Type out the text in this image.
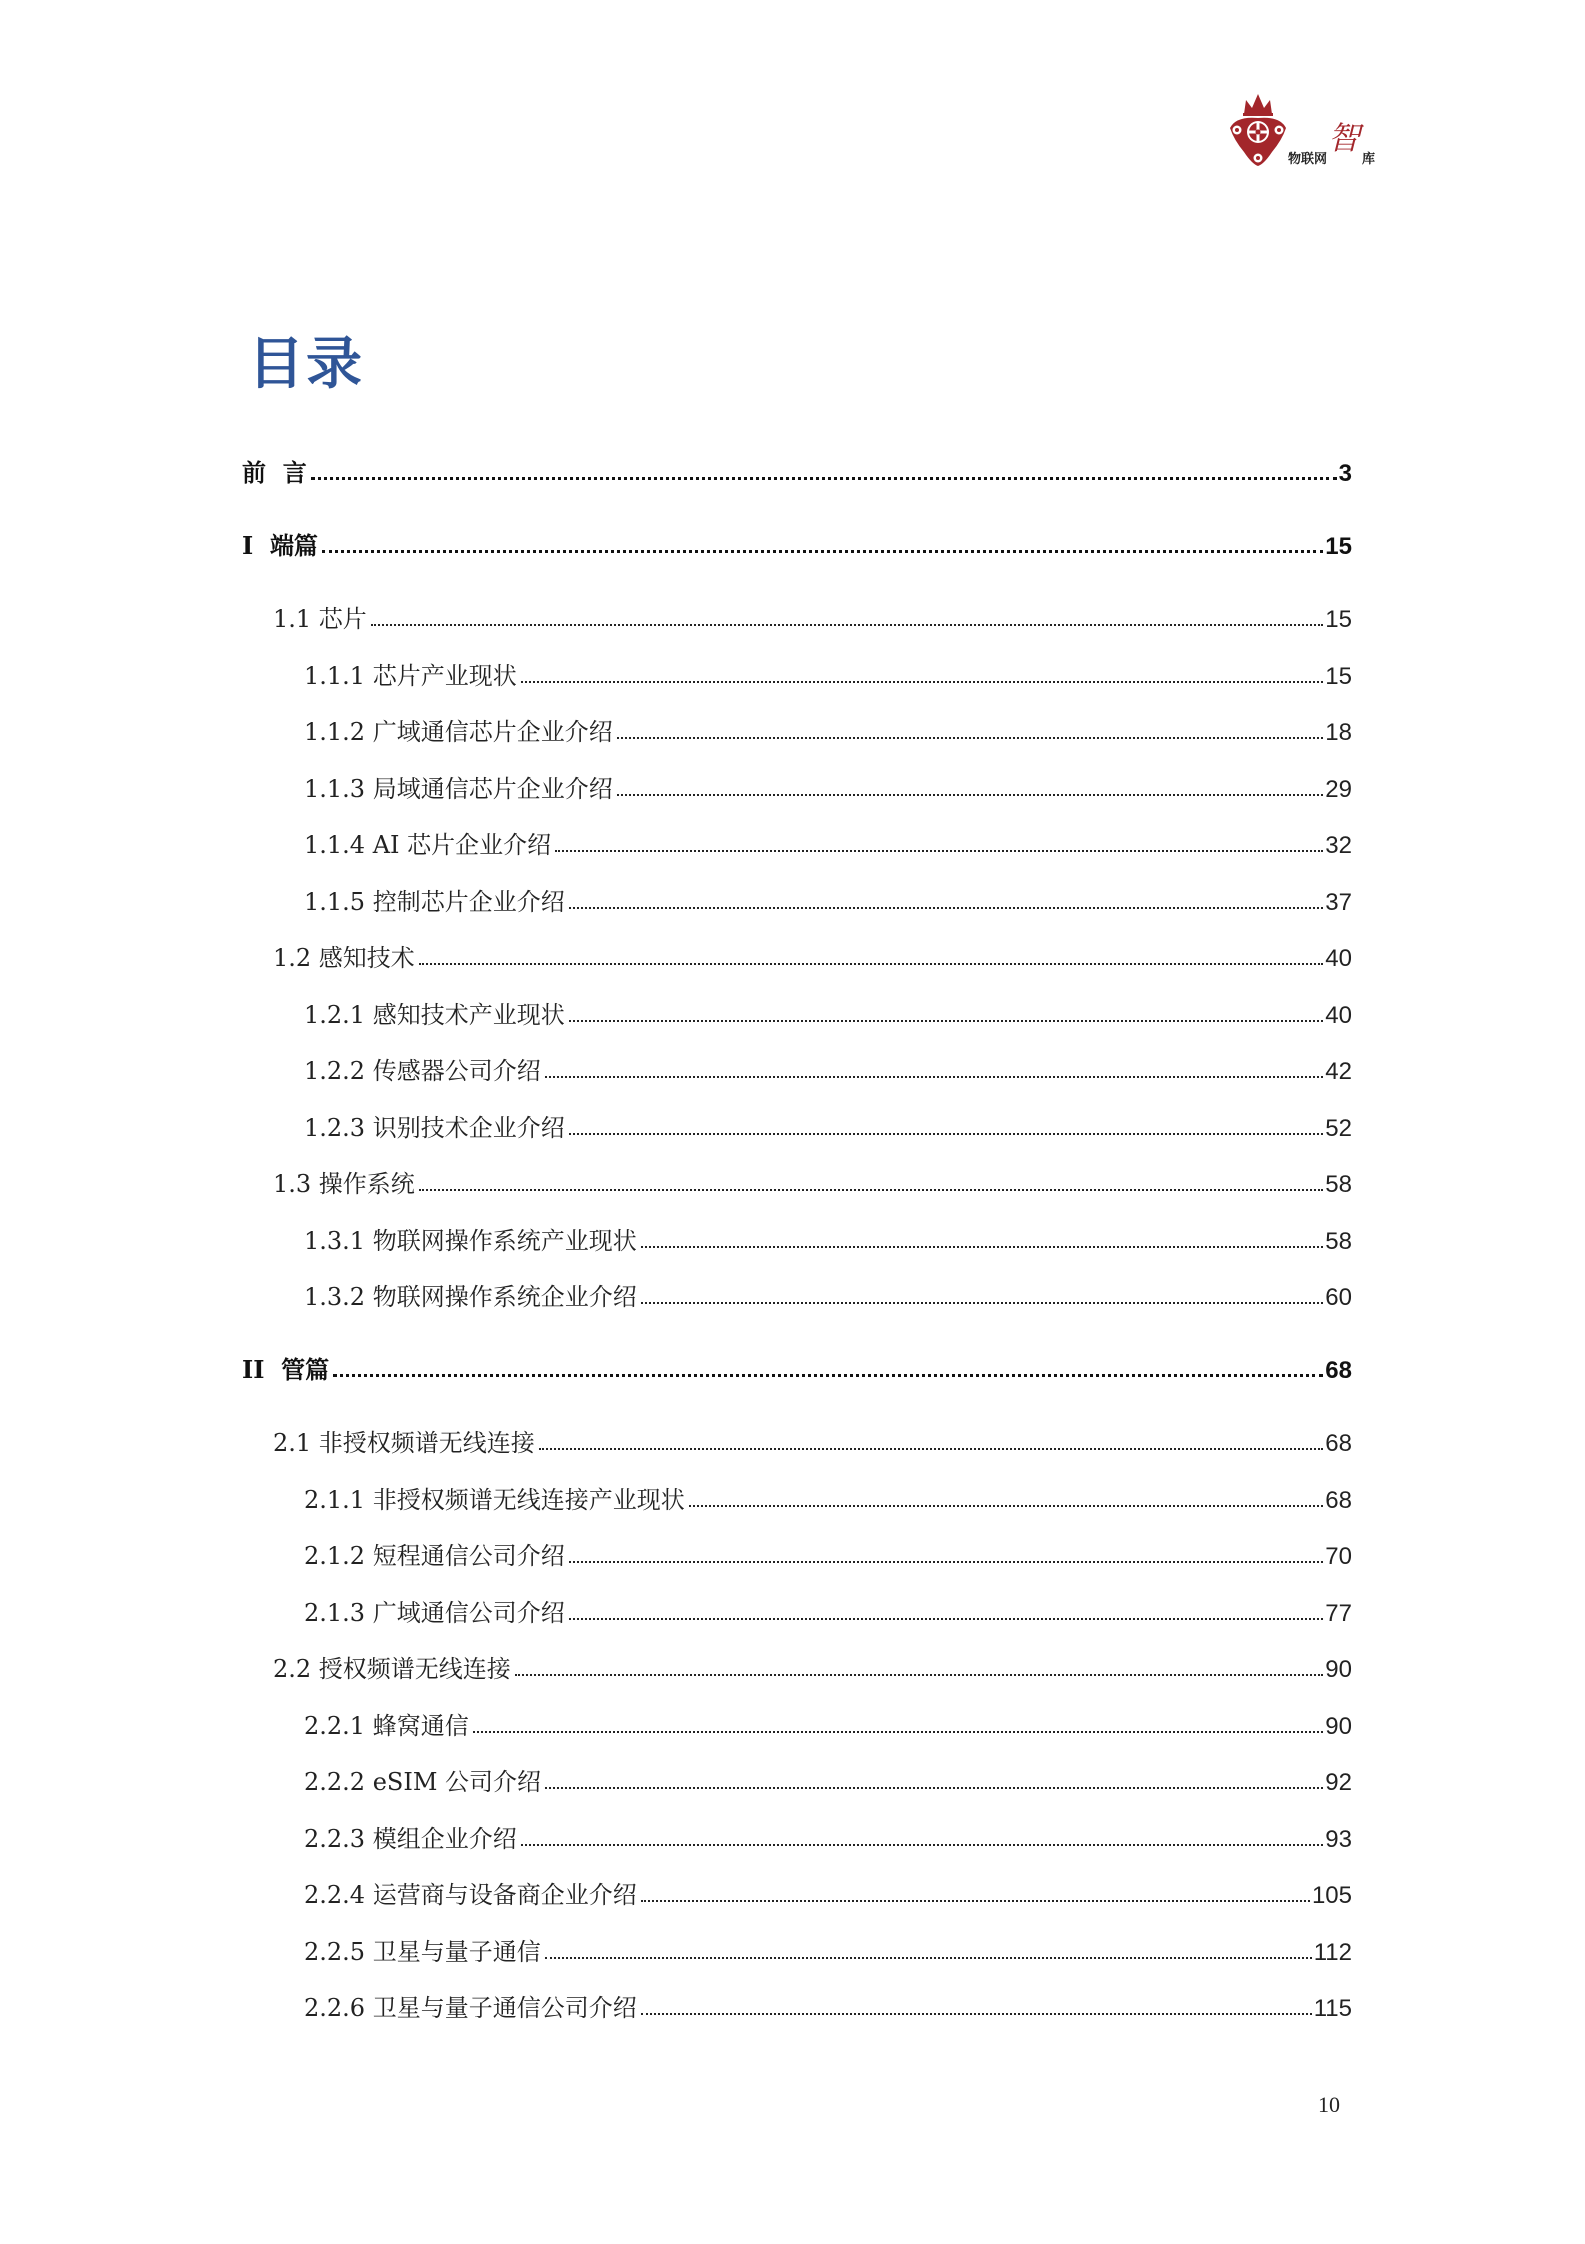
物联网
智
库
目录
前  言	3
I  端篇	15
1.1 芯片	15
1.1.1 芯片产业现状	15
1.1.2 广域通信芯片企业介绍	18
1.1.3 局域通信芯片企业介绍	29
1.1.4 AI 芯片企业介绍	32
1.1.5 控制芯片企业介绍	37
1.2 感知技术	40
1.2.1 感知技术产业现状	40
1.2.2 传感器公司介绍	42
1.2.3 识别技术企业介绍	52
1.3 操作系统	58
1.3.1 物联网操作系统产业现状	58
1.3.2 物联网操作系统企业介绍	60
II  管篇	68
2.1 非授权频谱无线连接	68
2.1.1 非授权频谱无线连接产业现状	68
2.1.2 短程通信公司介绍	70
2.1.3 广域通信公司介绍	77
2.2 授权频谱无线连接	90
2.2.1 蜂窝通信	90
2.2.2 eSIM 公司介绍	92
2.2.3 模组企业介绍	93
2.2.4 运营商与设备商企业介绍	105
2.2.5 卫星与量子通信	112
2.2.6 卫星与量子通信公司介绍	115
10
